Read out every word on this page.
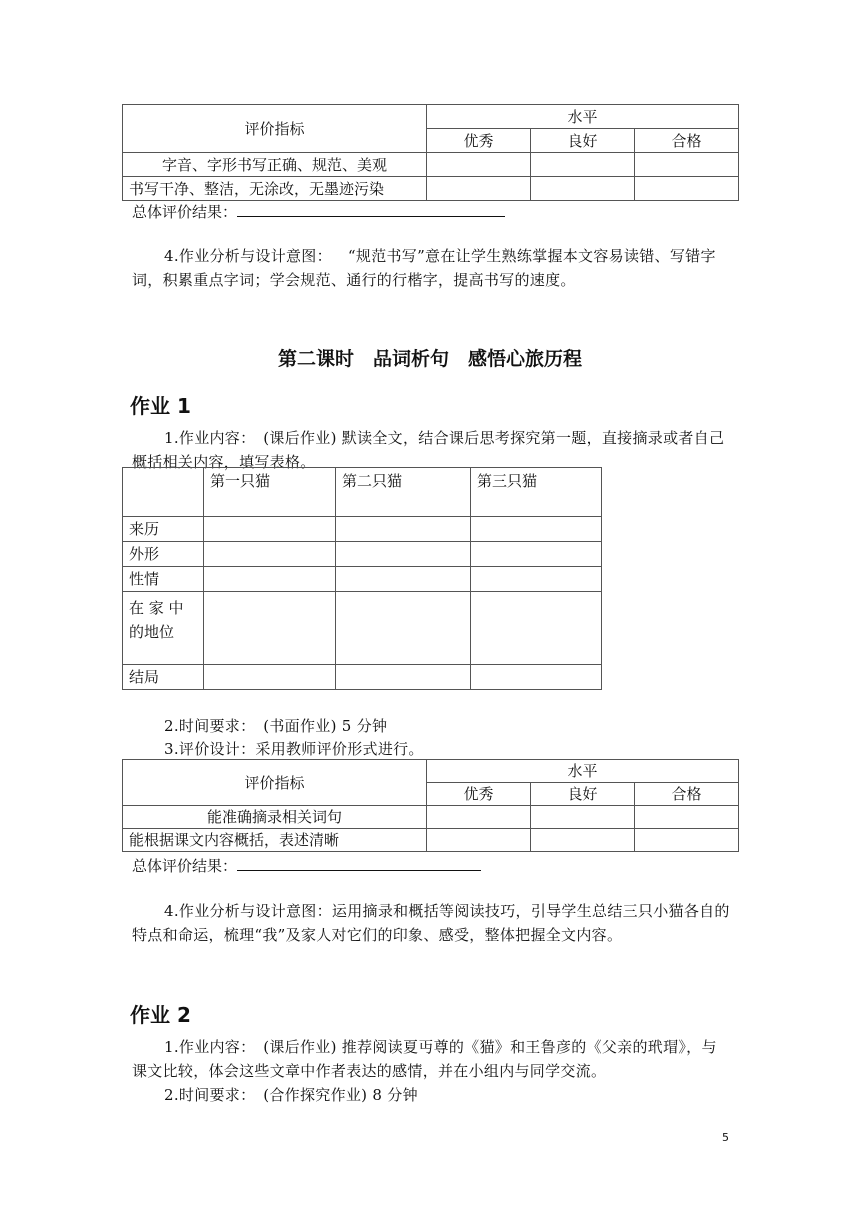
评价指标	水平		
	优秀	良好	合格
字音、字形书写正确、规范、美观			
书写干净、整洁，无涂改，无墨迹污染			
总体评价结果：
4.作业分析与设计意图： “规范书写”意在让学生熟练掌握本文容易读错、写错字词，积累重点字词；学会规范、通行的行楷字，提高书写的速度。
第二课时　品词析句　感悟心旅历程
作业 1
1.作业内容：　(课后作业) 默读全文，结合课后思考探究第一题，直接摘录或者自己概括相关内容，填写表格。
	第一只猫	第二只猫	第三只猫
来历			
外形			
性情			
在 家 中 的地位			
结局			
2.时间要求：　(书面作业) 5 分钟
3.评价设计：采用教师评价形式进行。
评价指标	水平		
	优秀	良好	合格
能准确摘录相关词句			
能根据课文内容概括，表述清晰			
总体评价结果：
4.作业分析与设计意图：运用摘录和概括等阅读技巧，引导学生总结三只小猫各自的特点和命运，梳理“我”及家人对它们的印象、感受，整体把握全文内容。
作业 2
1.作业内容：　(课后作业) 推荐阅读夏丏尊的《猫》和王鲁彦的《父亲的玳瑁》，与课文比较，体会这些文章中作者表达的感情，并在小组内与同学交流。
2.时间要求：　(合作探究作业) 8 分钟
5
